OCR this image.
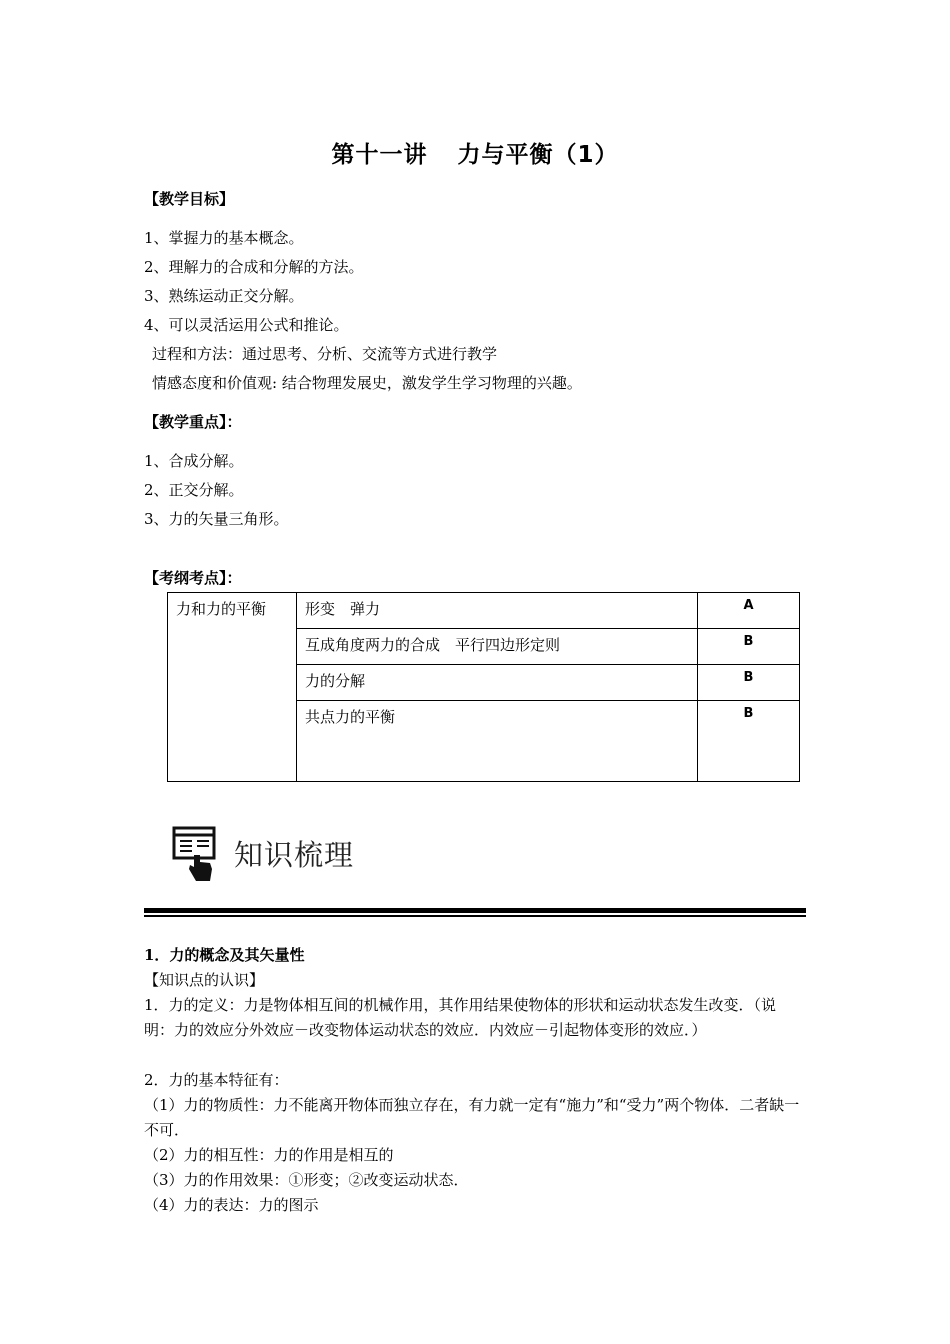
第十一讲 力与平衡（1）
【教学目标】
1、掌握力的基本概念。
2、理解力的合成和分解的方法。
3、熟练运动正交分解。
4、可以灵活运用公式和推论。
过程和方法：通过思考、分析、交流等方式进行教学
情感态度和价值观: 结合物理发展史，激发学生学习物理的兴趣。
【教学重点】：
1、合成分解。
2、正交分解。
3、力的矢量三角形。
【考纲考点】：
力和力的平衡	形变　弹力	A
	互成角度两力的合成　平行四边形定则	B
	力的分解	B
	共点力的平衡	B
知识梳理
1．力的概念及其矢量性
【知识点的认识】
1．力的定义：力是物体相互间的机械作用，其作用结果使物体的形状和运动状态发生改变．（说明：力的效应分外效应－改变物体运动状态的效应．内效应－引起物体变形的效应．）
2．力的基本特征有：
（1）力的物质性：力不能离开物体而独立存在，有力就一定有“施力”和“受力”两个物体．二者缺一不可．
（2）力的相互性：力的作用是相互的
（3）力的作用效果：①形变；②改变运动状态．
（4）力的表达：力的图示
